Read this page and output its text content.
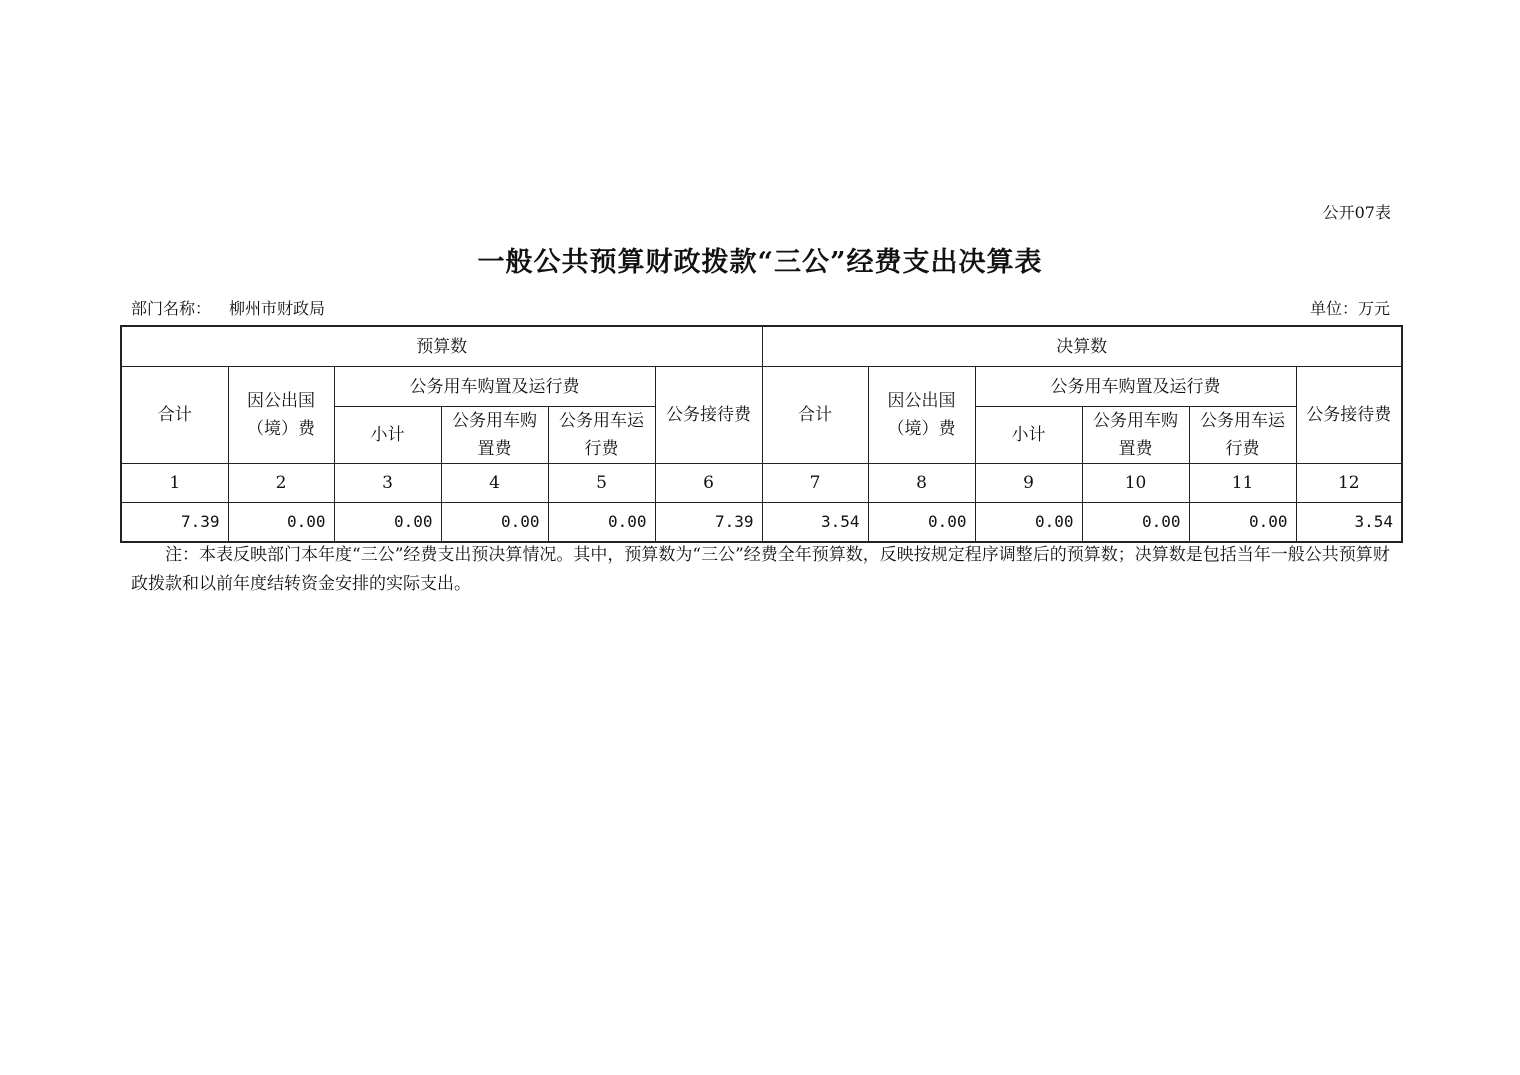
公开07表
一般公共预算财政拨款“三公”经费支出决算表
部门名称： 柳州市财政局	单位：万元
预算数						决算数					
合计	因公出国（境）费	公务用车购置及运行费			公务接待费	合计	因公出国（境）费	公务用车购置及运行费			公务接待费
		小计	公务用车购置费	公务用车运行费				小计	公务用车购置费	公务用车运行费	
1	2	3	4	5	6	7	8	9	10	11	12
7.39	0.00	0.00	0.00	0.00	7.39	3.54	0.00	0.00	0.00	0.00	3.54
注：本表反映部门本年度“三公”经费支出预决算情况。其中，预算数为“三公”经费全年预算数，反映按规定程序调整后的预算数；决算数是包括当年一般公共预算财政拨款和以前年度结转资金安排的实际支出。
